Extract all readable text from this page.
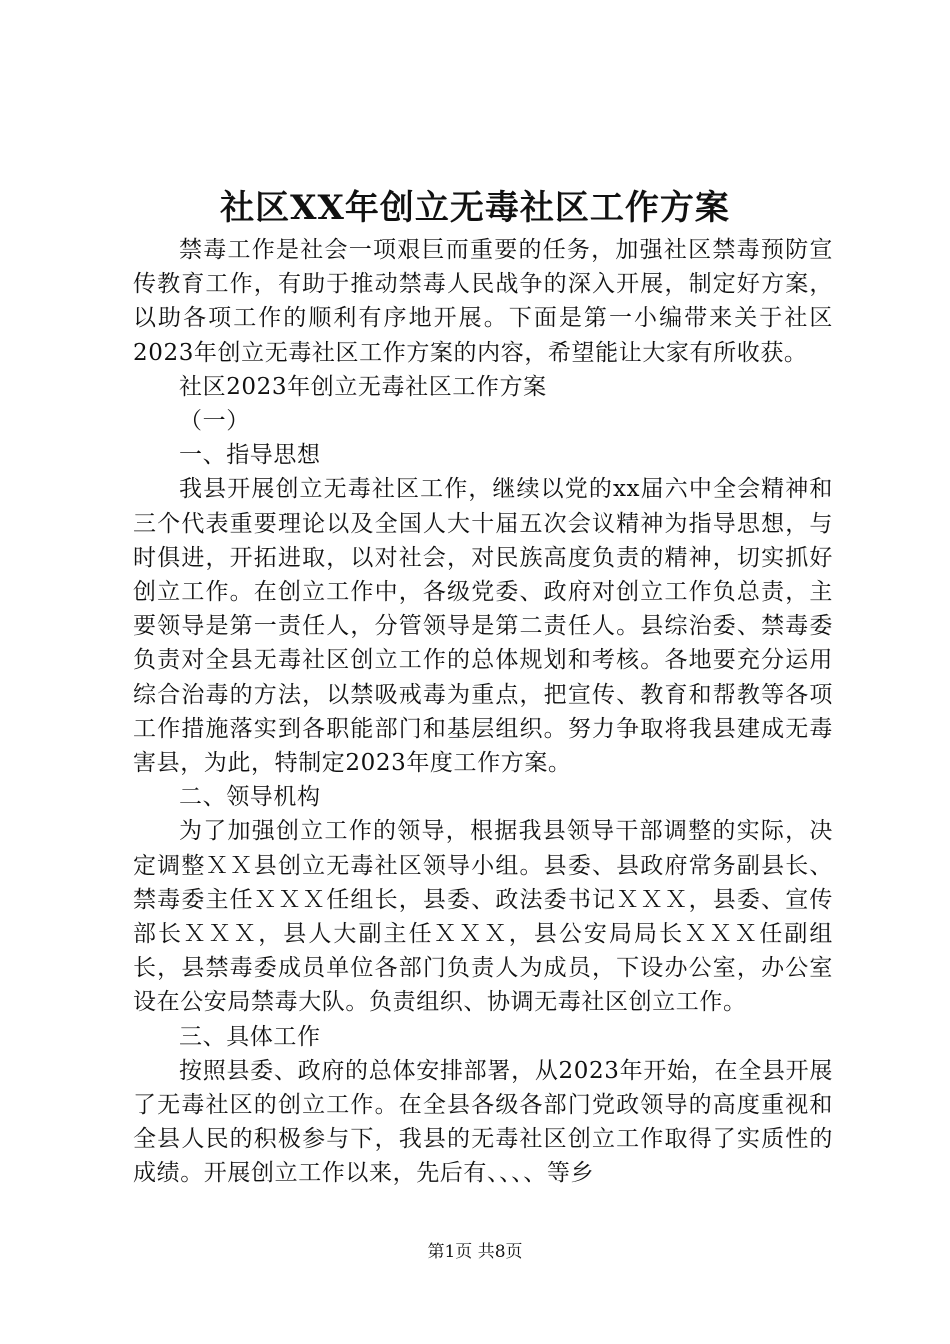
社区XX年创立无毒社区工作方案

禁毒工作是社会一项艰巨而重要的任务，加强社区禁毒预防宣传教育工作，有助于推动禁毒人民战争的深入开展，制定好方案，以助各项工作的顺利有序地开展。下面是第一小编带来关于社区2023年创立无毒社区工作方案的内容，希望能让大家有所收获。

社区2023年创立无毒社区工作方案

（一）

一、指导思想

我县开展创立无毒社区工作，继续以党的xx届六中全会精神和三个代表重要理论以及全国人大十届五次会议精神为指导思想，与时俱进，开拓进取，以对社会，对民族高度负责的精神，切实抓好创立工作。在创立工作中，各级党委、政府对创立工作负总责，主要领导是第一责任人，分管领导是第二责任人。县综治委、禁毒委负责对全县无毒社区创立工作的总体规划和考核。各地要充分运用综合治毒的方法，以禁吸戒毒为重点，把宣传、教育和帮教等各项工作措施落实到各职能部门和基层组织。努力争取将我县建成无毒害县，为此，特制定2023年度工作方案。

二、领导机构

为了加强创立工作的领导，根据我县领导干部调整的实际，决定调整ＸＸ县创立无毒社区领导小组。县委、县政府常务副县长、禁毒委主任ＸＸＸ任组长，县委、政法委书记ＸＸＸ，县委、宣传部长ＸＸＸ，县人大副主任ＸＸＸ，县公安局局长ＸＸＸ任副组长，县禁毒委成员单位各部门负责人为成员，下设办公室，办公室设在公安局禁毒大队。负责组织、协调无毒社区创立工作。

三、具体工作

按照县委、政府的总体安排部署，从2023年开始，在全县开展了无毒社区的创立工作。在全县各级各部门党政领导的高度重视和全县人民的积极参与下，我县的无毒社区创立工作取得了实质性的成绩。开展创立工作以来，先后有、、、、等乡

第1页 共8页
